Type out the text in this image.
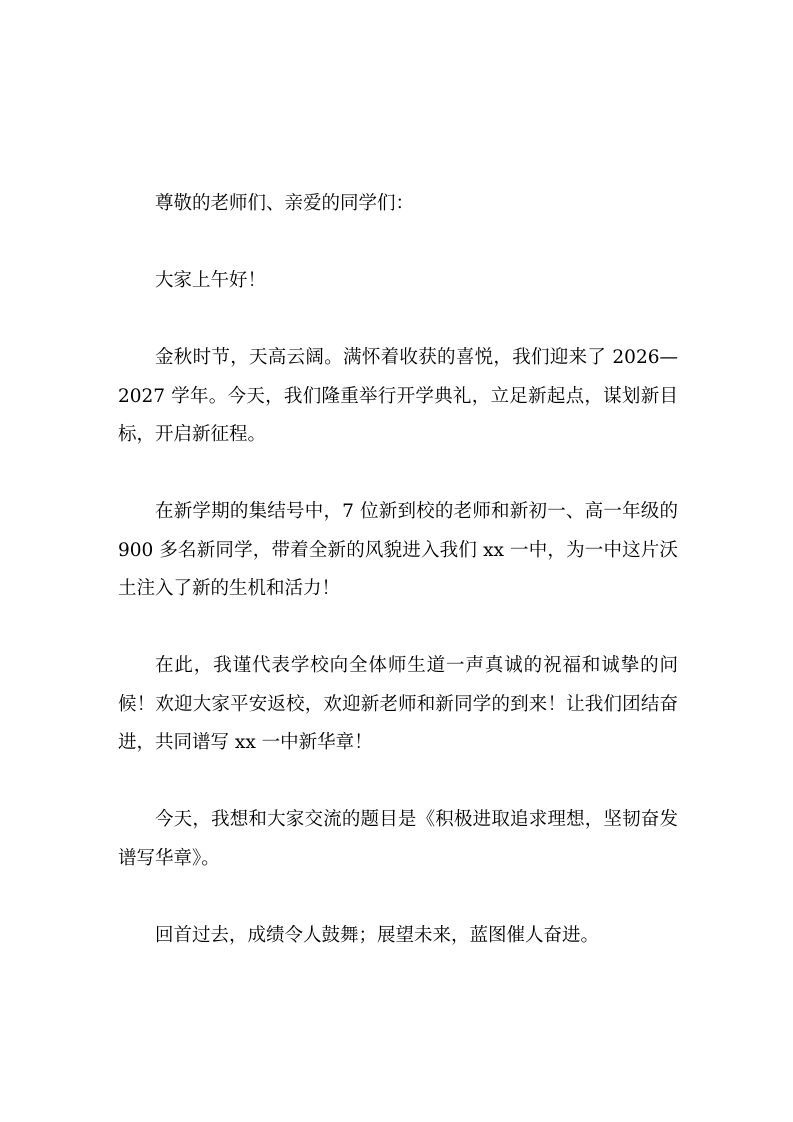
尊敬的老师们、亲爱的同学们：

大家上午好！

金秋时节，天高云阔。满怀着收获的喜悦，我们迎来了 2026—2027 学年。今天，我们隆重举行开学典礼，立足新起点，谋划新目标，开启新征程。

在新学期的集结号中，7 位新到校的老师和新初一、高一年级的 900 多名新同学，带着全新的风貌进入我们 xx 一中，为一中这片沃土注入了新的生机和活力！

在此，我谨代表学校向全体师生道一声真诚的祝福和诚挚的问候！欢迎大家平安返校，欢迎新老师和新同学的到来！让我们团结奋进，共同谱写 xx 一中新华章！

今天，我想和大家交流的题目是《积极进取追求理想，坚韧奋发谱写华章》。

回首过去，成绩令人鼓舞；展望未来，蓝图催人奋进。
